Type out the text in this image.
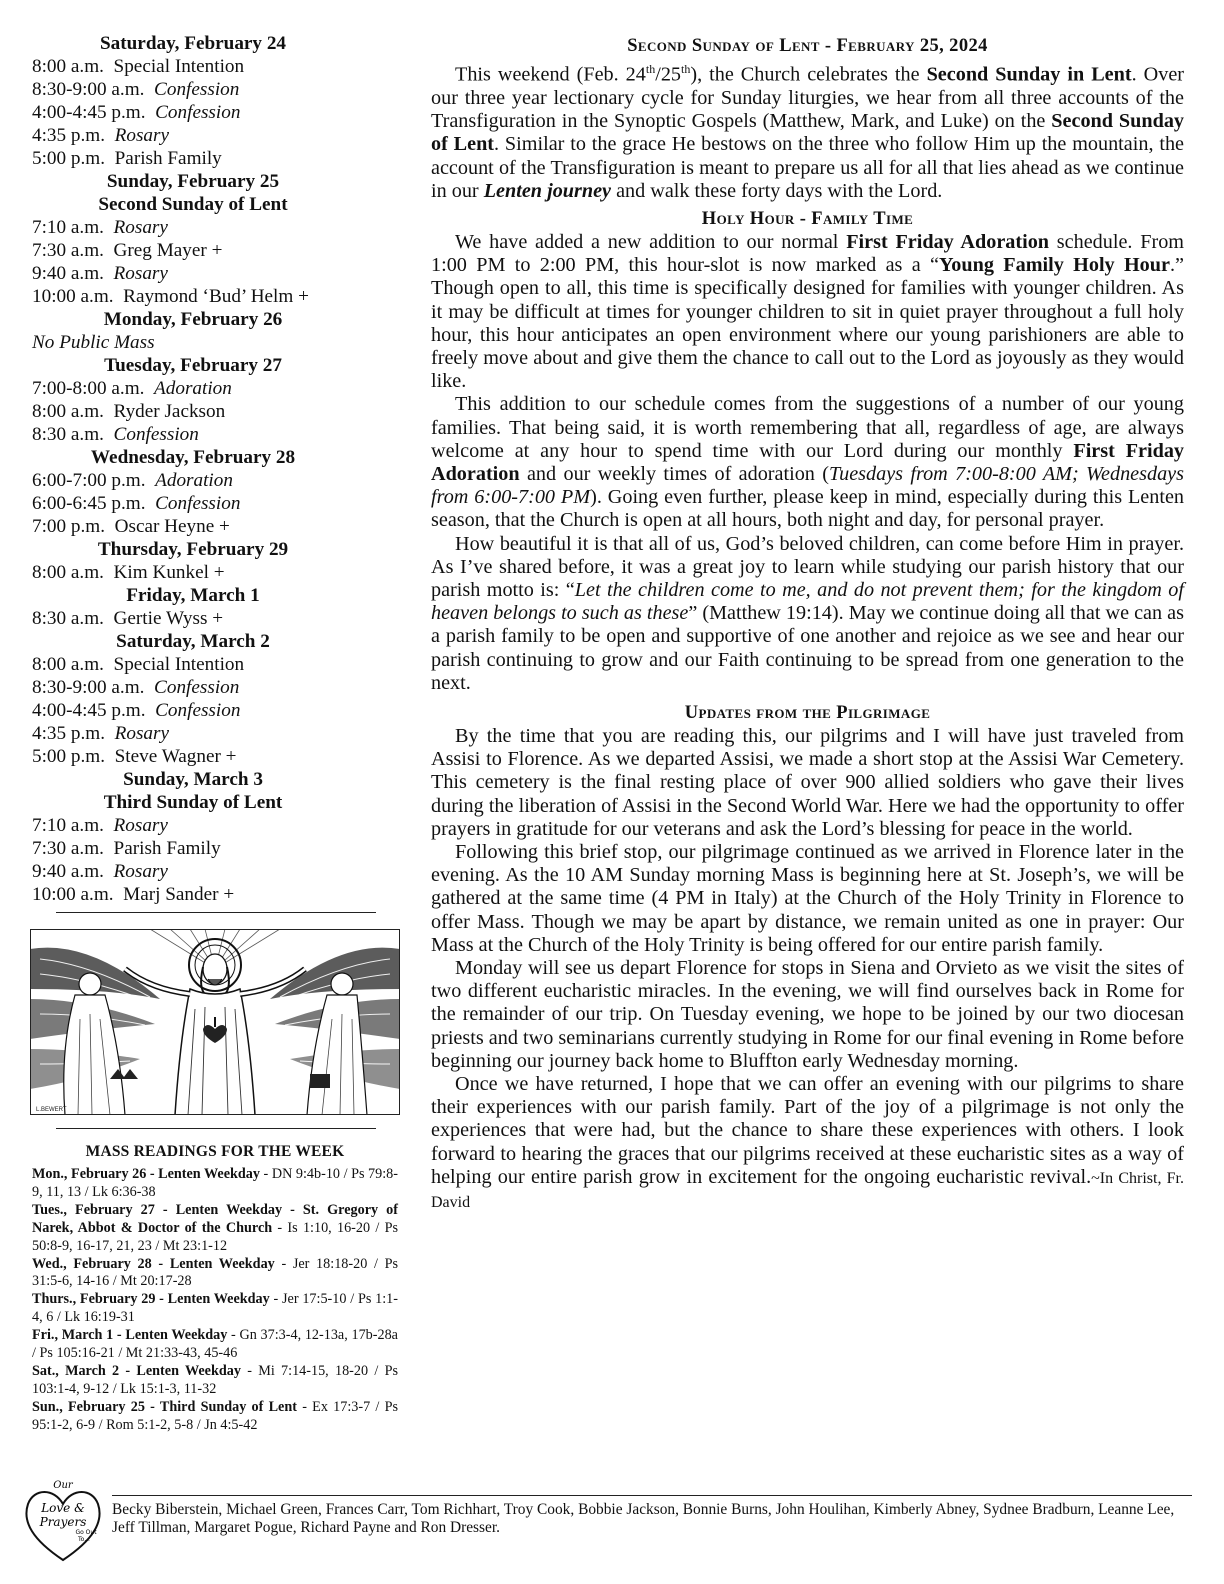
Saturday, February 24
8:00 a.m. Special Intention
8:30-9:00 a.m. Confession
4:00-4:45 p.m. Confession
4:35 p.m. Rosary
5:00 p.m. Parish Family
Sunday, February 25
Second Sunday of Lent
7:10 a.m. Rosary
7:30 a.m. Greg Mayer +
9:40 a.m. Rosary
10:00 a.m. Raymond ‘Bud’ Helm +
Monday, February 26
No Public Mass
Tuesday, February 27
7:00-8:00 a.m. Adoration
8:00 a.m. Ryder Jackson
8:30 a.m. Confession
Wednesday, February 28
6:00-7:00 p.m. Adoration
6:00-6:45 p.m. Confession
7:00 p.m. Oscar Heyne +
Thursday, February 29
8:00 a.m. Kim Kunkel +
Friday, March 1
8:30 a.m. Gertie Wyss +
Saturday, March 2
8:00 a.m. Special Intention
8:30-9:00 a.m. Confession
4:00-4:45 p.m. Confession
4:35 p.m. Rosary
5:00 p.m. Steve Wagner +
Sunday, March 3
Third Sunday of Lent
7:10 a.m. Rosary
7:30 a.m. Parish Family
9:40 a.m. Rosary
10:00 a.m. Marj Sander +
L.BEWERT
MASS READINGS FOR THE WEEK
Mon., February 26 - Lenten Weekday - DN 9:4b-10 / Ps 79:8-9, 11, 13 / Lk 6:36-38
Tues., February 27 - Lenten Weekday - St. Gregory of Narek, Abbot & Doctor of the Church - Is 1:10, 16-20 / Ps 50:8-9, 16-17, 21, 23 / Mt 23:1-12
Wed., February 28 - Lenten Weekday - Jer 18:18-20 / Ps 31:5-6, 14-16 / Mt 20:17-28
Thurs., February 29 - Lenten Weekday - Jer 17:5-10 / Ps 1:1-4, 6 / Lk 16:19-31
Fri., March 1 - Lenten Weekday - Gn 37:3-4, 12-13a, 17b-28a / Ps 105:16-21 / Mt 21:33-43, 45-46
Sat., March 2 - Lenten Weekday - Mi 7:14-15, 18-20 / Ps 103:1-4, 9-12 / Lk 15:1-3, 11-32
Sun., February 25 - Third Sunday of Lent - Ex 17:3-7 / Ps 95:1-2, 6-9 / Rom 5:1-2, 5-8 / Jn 4:5-42
Second Sunday of Lent - February 25, 2024

This weekend (Feb. 24th/25th), the Church celebrates the Second Sunday in Lent. Over our three year lectionary cycle for Sunday liturgies, we hear from all three accounts of the Transfiguration in the Synoptic Gospels (Matthew, Mark, and Luke) on the Second Sunday of Lent. Similar to the grace He bestows on the three who follow Him up the mountain, the account of the Transfiguration is meant to prepare us all for all that lies ahead as we continue in our Lenten journey and walk these forty days with the Lord.

Holy Hour - Family Time

We have added a new addition to our normal First Friday Adoration schedule. From 1:00 PM to 2:00 PM, this hour-slot is now marked as a “Young Family Holy Hour.” Though open to all, this time is specifically designed for families with younger children. As it may be difficult at times for younger children to sit in quiet prayer throughout a full holy hour, this hour anticipates an open environment where our young parishioners are able to freely move about and give them the chance to call out to the Lord as joyously as they would like.

This addition to our schedule comes from the suggestions of a number of our young families. That being said, it is worth remembering that all, regardless of age, are always welcome at any hour to spend time with our Lord during our monthly First Friday Adoration and our weekly times of adoration (Tuesdays from 7:00-8:00 AM; Wednesdays from 6:00-7:00 PM). Going even further, please keep in mind, especially during this Lenten season, that the Church is open at all hours, both night and day, for personal prayer.

How beautiful it is that all of us, God’s beloved children, can come before Him in prayer. As I’ve shared before, it was a great joy to learn while studying our parish history that our parish motto is: “Let the children come to me, and do not prevent them; for the kingdom of heaven belongs to such as these” (Matthew 19:14). May we continue doing all that we can as a parish family to be open and supportive of one another and rejoice as we see and hear our parish continuing to grow and our Faith continuing to be spread from one generation to the next.

Updates from the Pilgrimage

By the time that you are reading this, our pilgrims and I will have just traveled from Assisi to Florence. As we departed Assisi, we made a short stop at the Assisi War Cemetery. This cemetery is the final resting place of over 900 allied soldiers who gave their lives during the liberation of Assisi in the Second World War. Here we had the opportunity to offer prayers in gratitude for our veterans and ask the Lord’s blessing for peace in the world.

Following this brief stop, our pilgrimage continued as we arrived in Florence later in the evening. As the 10 AM Sunday morning Mass is beginning here at St. Joseph’s, we will be gathered at the same time (4 PM in Italy) at the Church of the Holy Trinity in Florence to offer Mass. Though we may be apart by distance, we remain united as one in prayer: Our Mass at the Church of the Holy Trinity is being offered for our entire parish family.

Monday will see us depart Florence for stops in Siena and Orvieto as we visit the sites of two different eucharistic miracles. In the evening, we will find ourselves back in Rome for the remainder of our trip. On Tuesday evening, we hope to be joined by our two diocesan priests and two seminarians currently studying in Rome for our final evening in Rome before beginning our journey back home to Bluffton early Wednesday morning.

Once we have returned, I hope that we can offer an evening with our pilgrims to share their experiences with our parish family. Part of the joy of a pilgrimage is not only the experiences that were had, but the chance to share these experiences with others. I look forward to hearing the graces that our pilgrims received at these eucharistic sites as a way of helping our entire parish grow in excitement for the ongoing eucharistic revival.~In Christ, Fr. David

Our
Love &
Prayers
Go Out
To...
Becky Biberstein, Michael Green, Frances Carr, Tom Richhart, Troy Cook, Bobbie Jackson, Bonnie Burns, John Houlihan, Kimberly Abney, Sydnee Bradburn, Leanne Lee, Jeff Tillman, Margaret Pogue, Richard Payne and Ron Dresser.
